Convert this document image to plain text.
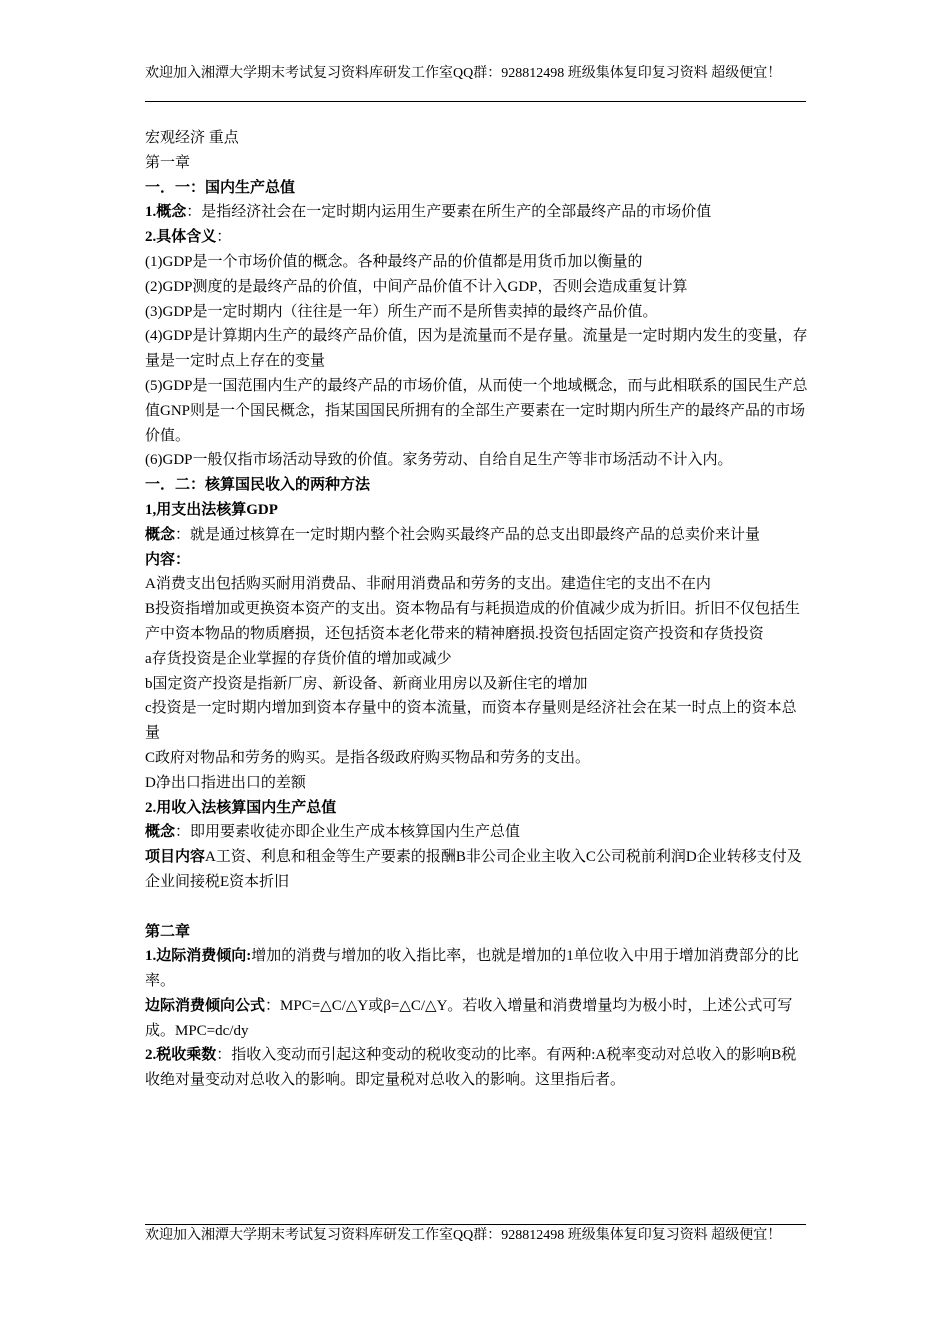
欢迎加入湘潭大学期末考试复习资料库研发工作室QQ群：928812498 班级集体复印复习资料 超级便宜！

宏观经济 重点

第一章

一．一：国内生产总值

1.概念：是指经济社会在一定时期内运用生产要素在所生产的全部最终产品的市场价值

2.具体含义：

(1)GDP是一个市场价值的概念。各种最终产品的价值都是用货币加以衡量的

(2)GDP测度的是最终产品的价值，中间产品价值不计入GDP，否则会造成重复计算

(3)GDP是一定时期内（往往是一年）所生产而不是所售卖掉的最终产品价值。

(4)GDP是计算期内生产的最终产品价值，因为是流量而不是存量。流量是一定时期内发生的变量，存量是一定时点上存在的变量

(5)GDP是一国范围内生产的最终产品的市场价值，从而使一个地域概念，而与此相联系的国民生产总值GNP则是一个国民概念，指某国国民所拥有的全部生产要素在一定时期内所生产的最终产品的市场价值。

(6)GDP一般仅指市场活动导致的价值。家务劳动、自给自足生产等非市场活动不计入内。

一．二：核算国民收入的两种方法

1,用支出法核算GDP

概念：就是通过核算在一定时期内整个社会购买最终产品的总支出即最终产品的总卖价来计量

内容：

A消费支出包括购买耐用消费品、非耐用消费品和劳务的支出。建造住宅的支出不在内

B投资指增加或更换资本资产的支出。资本物品有与耗损造成的价值减少成为折旧。折旧不仅包括生产中资本物品的物质磨损，还包括资本老化带来的精神磨损.投资包括固定资产投资和存货投资

a存货投资是企业掌握的存货价值的增加或减少

b国定资产投资是指新厂房、新设备、新商业用房以及新住宅的增加

c投资是一定时期内增加到资本存量中的资本流量，而资本存量则是经济社会在某一时点上的资本总量

C政府对物品和劳务的购买。是指各级政府购买物品和劳务的支出。

D净出口指进出口的差额

2.用收入法核算国内生产总值

概念：即用要素收徒亦即企业生产成本核算国内生产总值

项目内容A工资、利息和租金等生产要素的报酬B非公司企业主收入C公司税前利润D企业转移支付及企业间接税E资本折旧

第二章

1.边际消费倾向:增加的消费与增加的收入指比率，也就是增加的1单位收入中用于增加消费部分的比率。

边际消费倾向公式：MPC=△C/△Y或β=△C/△Y。若收入增量和消费增量均为极小时，上述公式可写成。MPC=dc/dy

2.税收乘数：指收入变动而引起这种变动的税收变动的比率。有两种:A税率变动对总收入的影响B税收绝对量变动对总收入的影响。即定量税对总收入的影响。这里指后者。

欢迎加入湘潭大学期末考试复习资料库研发工作室QQ群：928812498 班级集体复印复习资料 超级便宜！
